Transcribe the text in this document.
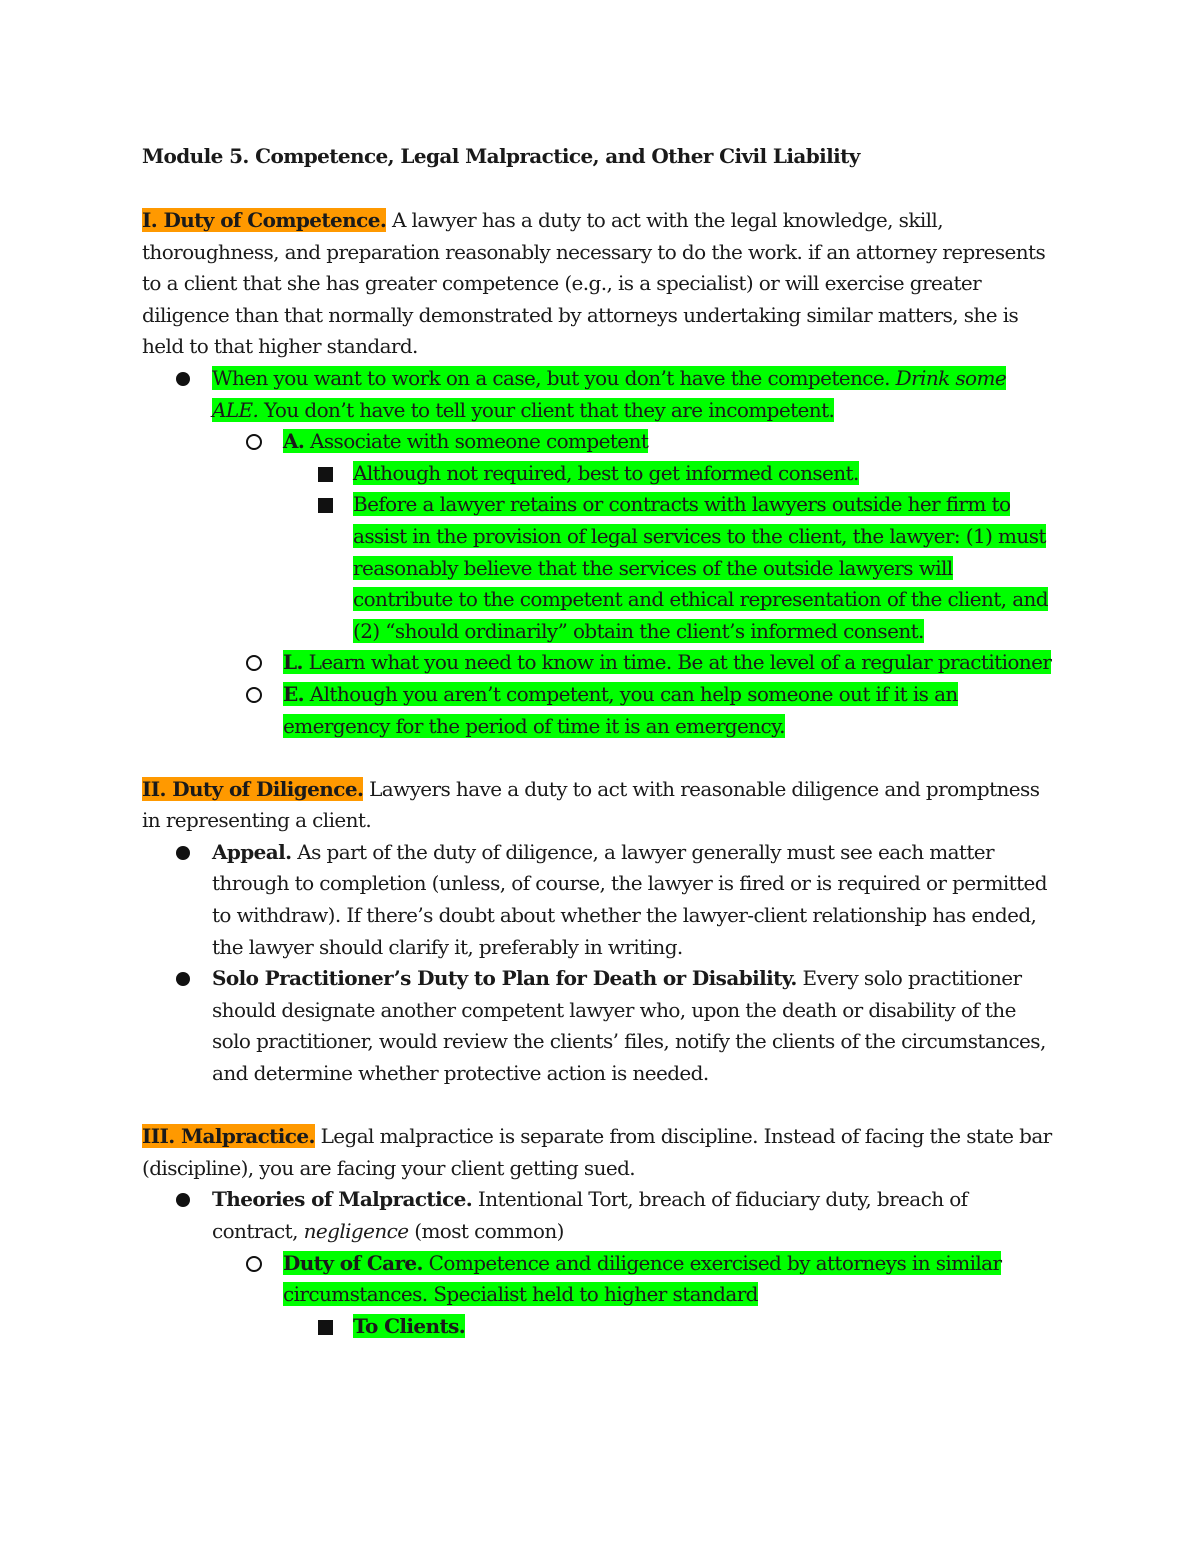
Module 5. Competence, Legal Malpractice, and Other Civil Liability
I. Duty of Competence. A lawyer has a duty to act with the legal knowledge, skill, thoroughness, and preparation reasonably necessary to do the work. if an attorney represents to a client that she has greater competence (e.g., is a specialist) or will exercise greater diligence than that normally demonstrated by attorneys undertaking similar matters, she is held to that higher standard.
When you want to work on a case, but you don’t have the competence. Drink some ALE. You don’t have to tell your client that they are incompetent.
A. Associate with someone competent
Although not required, best to get informed consent.
Before a lawyer retains or contracts with lawyers outside her firm to assist in the provision of legal services to the client, the lawyer: (1) must reasonably believe that the services of the outside lawyers will contribute to the competent and ethical representation of the client, and (2) “should ordinarily” obtain the client’s informed consent.
L. Learn what you need to know in time. Be at the level of a regular practitioner
E. Although you aren’t competent, you can help someone out if it is an emergency for the period of time it is an emergency.
II. Duty of Diligence. Lawyers have a duty to act with reasonable diligence and promptness in representing a client.
Appeal. As part of the duty of diligence, a lawyer generally must see each matter through to completion (unless, of course, the lawyer is fired or is required or permitted to withdraw). If there’s doubt about whether the lawyer-client relationship has ended, the lawyer should clarify it, preferably in writing.
Solo Practitioner’s Duty to Plan for Death or Disability. Every solo practitioner should designate another competent lawyer who, upon the death or disability of the solo practitioner, would review the clients’ files, notify the clients of the circumstances, and determine whether protective action is needed.
III. Malpractice. Legal malpractice is separate from discipline. Instead of facing the state bar (discipline), you are facing your client getting sued.
Theories of Malpractice. Intentional Tort, breach of fiduciary duty, breach of contract, negligence (most common)
Duty of Care. Competence and diligence exercised by attorneys in similar circumstances. Specialist held to higher standard
To Clients.
